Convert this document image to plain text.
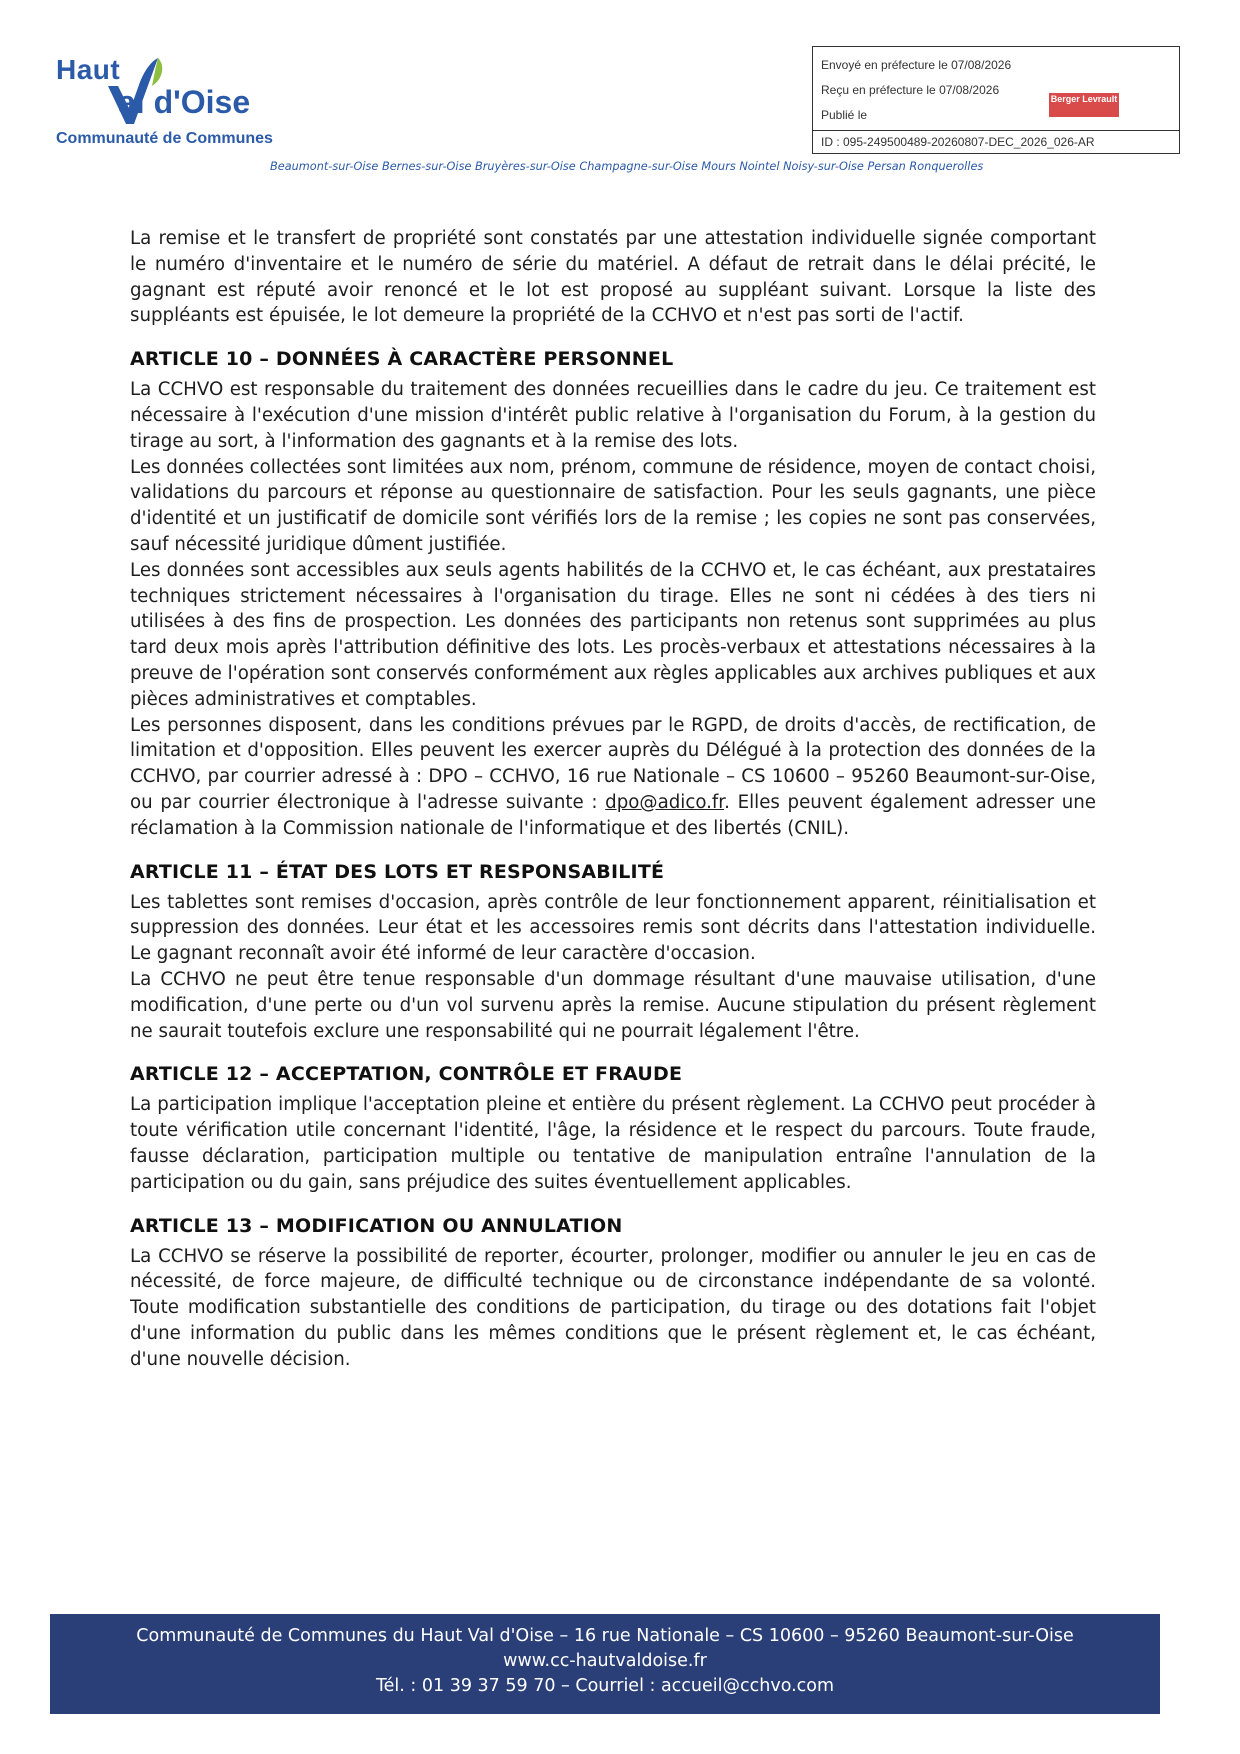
Haut
al d'Oise
Communauté de Communes
Envoyé en préfecture le 07/08/2026
Reçu en préfecture le 07/08/2026
Publié le
Berger Levrault
ID : 095-249500489-20260807-DEC_2026_026-AR
Beaumont-sur-Oise Bernes-sur-Oise Bruyères-sur-Oise Champagne-sur-Oise Mours Nointel Noisy-sur-Oise Persan Ronquerolles

La remise et le transfert de propriété sont constatés par une attestation individuelle signée comportant le numéro d'inventaire et le numéro de série du matériel. A défaut de retrait dans le délai précité, le gagnant est réputé avoir renoncé et le lot est proposé au suppléant suivant. Lorsque la liste des suppléants est épuisée, le lot demeure la propriété de la CCHVO et n'est pas sorti de l'actif.

ARTICLE 10 – DONNÉES À CARACTÈRE PERSONNEL

La CCHVO est responsable du traitement des données recueillies dans le cadre du jeu. Ce traitement est nécessaire à l'exécution d'une mission d'intérêt public relative à l'organisation du Forum, à la gestion du tirage au sort, à l'information des gagnants et à la remise des lots.

Les données collectées sont limitées aux nom, prénom, commune de résidence, moyen de contact choisi, validations du parcours et réponse au questionnaire de satisfaction. Pour les seuls gagnants, une pièce d'identité et un justificatif de domicile sont vérifiés lors de la remise ; les copies ne sont pas conservées, sauf nécessité juridique dûment justifiée.

Les données sont accessibles aux seuls agents habilités de la CCHVO et, le cas échéant, aux prestataires techniques strictement nécessaires à l'organisation du tirage. Elles ne sont ni cédées à des tiers ni utilisées à des fins de prospection. Les données des participants non retenus sont supprimées au plus tard deux mois après l'attribution définitive des lots. Les procès-verbaux et attestations nécessaires à la preuve de l'opération sont conservés conformément aux règles applicables aux archives publiques et aux pièces administratives et comptables.

Les personnes disposent, dans les conditions prévues par le RGPD, de droits d'accès, de rectification, de limitation et d'opposition. Elles peuvent les exercer auprès du Délégué à la protection des données de la CCHVO, par courrier adressé à : DPO – CCHVO, 16 rue Nationale – CS 10600 – 95260 Beaumont-sur-Oise, ou par courrier électronique à l'adresse suivante : dpo@adico.fr. Elles peuvent également adresser une réclamation à la Commission nationale de l'informatique et des libertés (CNIL).

ARTICLE 11 – ÉTAT DES LOTS ET RESPONSABILITÉ

Les tablettes sont remises d'occasion, après contrôle de leur fonctionnement apparent, réinitialisation et suppression des données. Leur état et les accessoires remis sont décrits dans l'attestation individuelle. Le gagnant reconnaît avoir été informé de leur caractère d'occasion.

La CCHVO ne peut être tenue responsable d'un dommage résultant d'une mauvaise utilisation, d'une modification, d'une perte ou d'un vol survenu après la remise. Aucune stipulation du présent règlement ne saurait toutefois exclure une responsabilité qui ne pourrait légalement l'être.

ARTICLE 12 – ACCEPTATION, CONTRÔLE ET FRAUDE

La participation implique l'acceptation pleine et entière du présent règlement. La CCHVO peut procéder à toute vérification utile concernant l'identité, l'âge, la résidence et le respect du parcours. Toute fraude, fausse déclaration, participation multiple ou tentative de manipulation entraîne l'annulation de la participation ou du gain, sans préjudice des suites éventuellement applicables.

ARTICLE 13 – MODIFICATION OU ANNULATION

La CCHVO se réserve la possibilité de reporter, écourter, prolonger, modifier ou annuler le jeu en cas de nécessité, de force majeure, de difficulté technique ou de circonstance indépendante de sa volonté. Toute modification substantielle des conditions de participation, du tirage ou des dotations fait l'objet d'une information du public dans les mêmes conditions que le présent règlement et, le cas échéant, d'une nouvelle décision.

Communauté de Communes du Haut Val d'Oise – 16 rue Nationale – CS 10600 – 95260 Beaumont-sur-Oise
www.cc-hautvaldoise.fr
Tél. : 01 39 37 59 70 – Courriel : accueil@cchvo.com
